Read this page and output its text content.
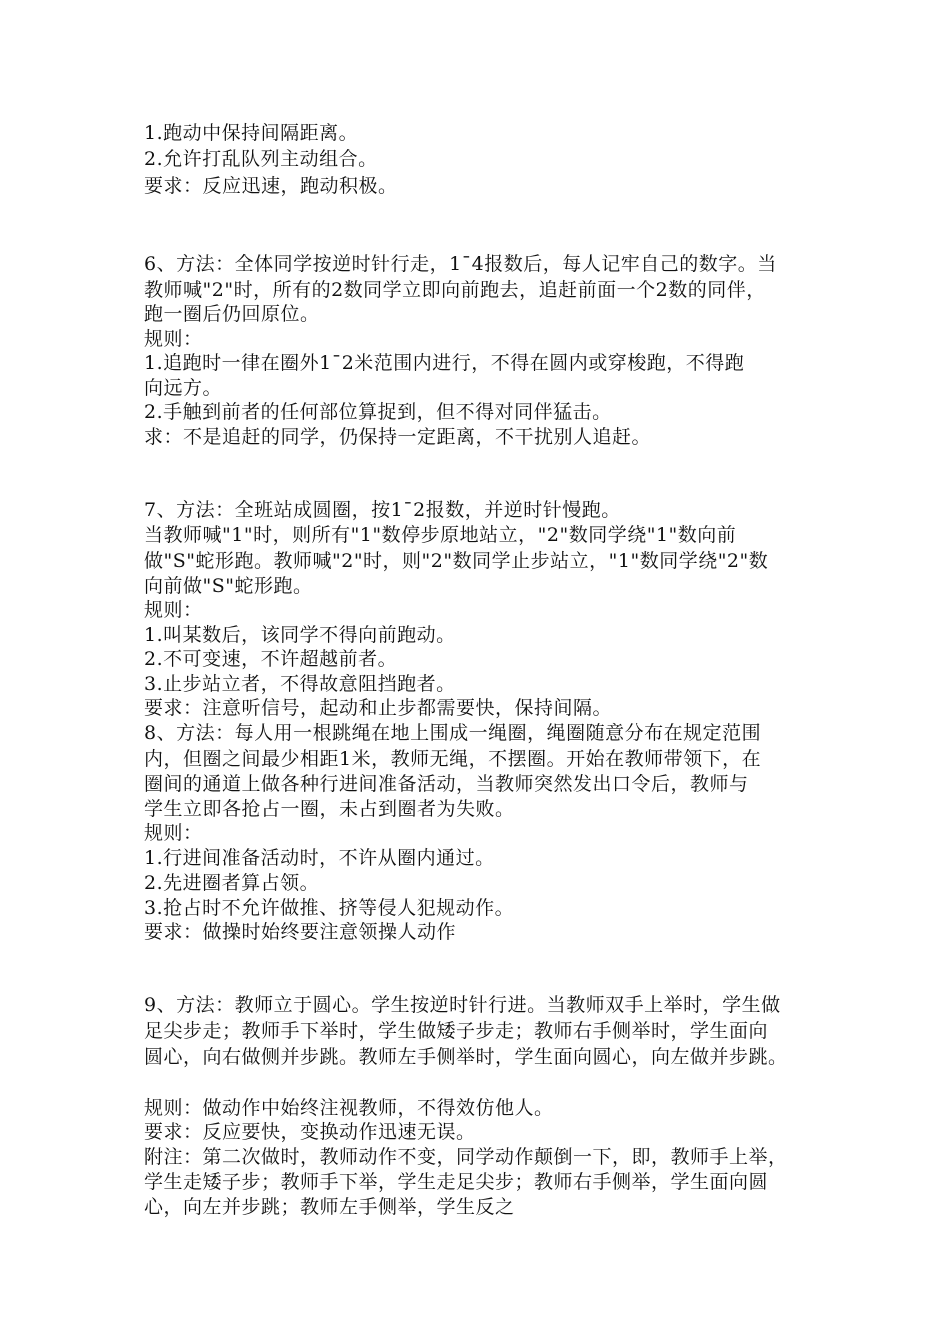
1.跑动中保持间隔距离。
2.允许打乱队列主动组合。
要求：反应迅速，跑动积极。
6、方法：全体同学按逆时针行走，1¯4报数后，每人记牢自己的数字。当
教师喊"2"时，所有的2数同学立即向前跑去，追赶前面一个2数的同伴，
跑一圈后仍回原位。
规则：
1.追跑时一律在圈外1¯2米范围内进行，不得在圆内或穿梭跑，不得跑
向远方。
2.手触到前者的任何部位算捉到，但不得对同伴猛击。
求：不是追赶的同学，仍保持一定距离，不干扰别人追赶。
7、方法：全班站成圆圈，按1¯2报数，并逆时针慢跑。
当教师喊"1"时，则所有"1"数停步原地站立，"2"数同学绕"1"数向前
做"S"蛇形跑。教师喊"2"时，则"2"数同学止步站立，"1"数同学绕"2"数
向前做"S"蛇形跑。
规则：
1.叫某数后，该同学不得向前跑动。
2.不可变速，不许超越前者。
3.止步站立者，不得故意阻挡跑者。
要求：注意听信号，起动和止步都需要快，保持间隔。
8、方法：每人用一根跳绳在地上围成一绳圈，绳圈随意分布在规定范围
内，但圈之间最少相距1米，教师无绳，不摆圈。开始在教师带领下，在
圈间的通道上做各种行进间准备活动，当教师突然发出口令后，教师与
学生立即各抢占一圈，未占到圈者为失败。
规则：
1.行进间准备活动时，不许从圈内通过。
2.先进圈者算占领。
3.抢占时不允许做推、挤等侵人犯规动作。
要求：做操时始终要注意领操人动作
9、方法：教师立于圆心。学生按逆时针行进。当教师双手上举时，学生做
足尖步走；教师手下举时，学生做矮子步走；教师右手侧举时，学生面向
圆心，向右做侧并步跳。教师左手侧举时，学生面向圆心，向左做并步跳。
规则：做动作中始终注视教师，不得效仿他人。
要求：反应要快，变换动作迅速无误。
附注：第二次做时，教师动作不变，同学动作颠倒一下，即，教师手上举，
学生走矮子步；教师手下举，学生走足尖步；教师右手侧举，学生面向圆
心，向左并步跳；教师左手侧举，学生反之
